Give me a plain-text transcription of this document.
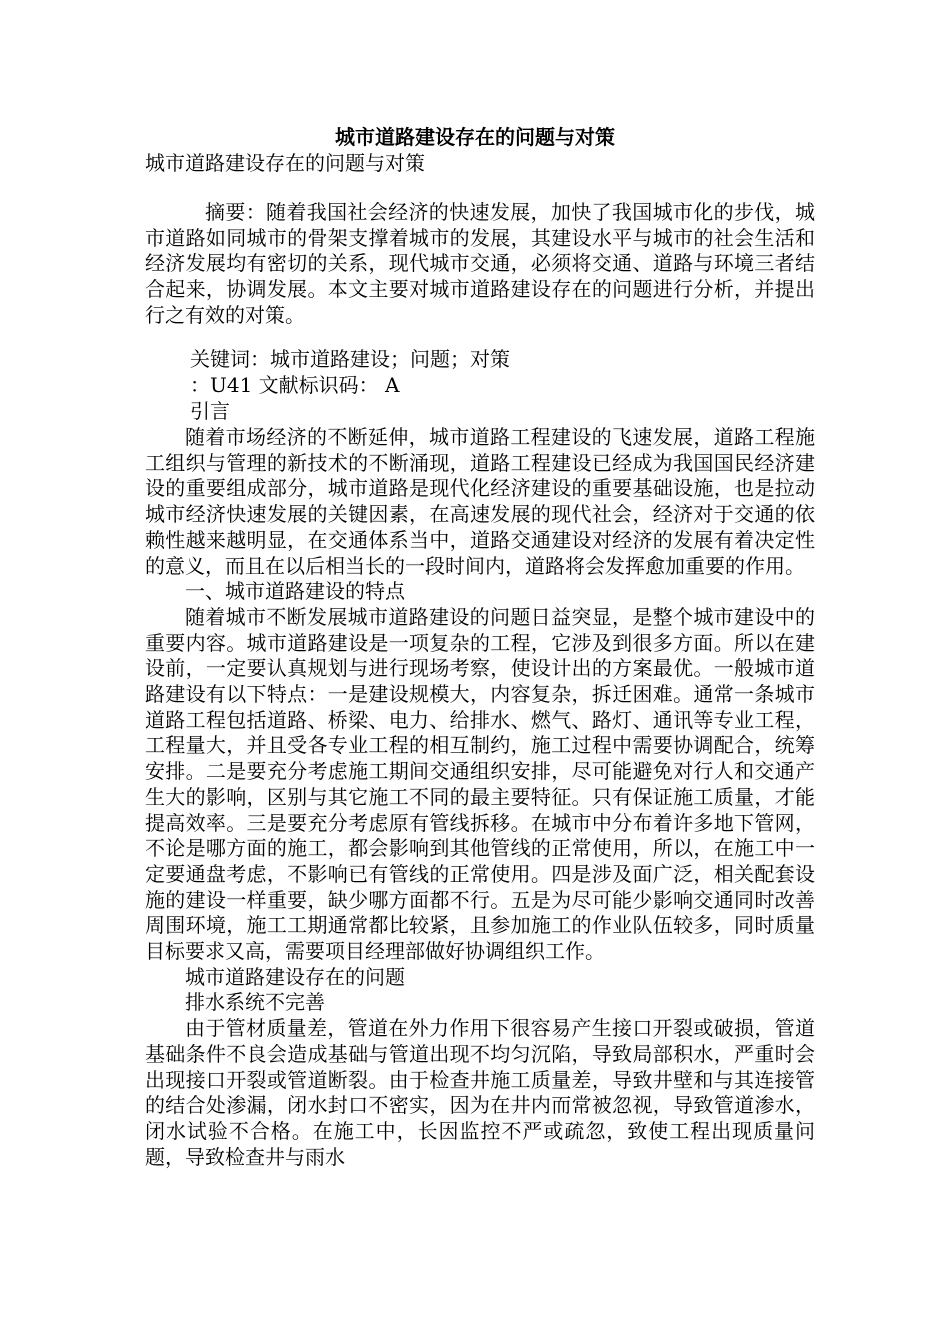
城市道路建设存在的问题与对策

城市道路建设存在的问题与对策

摘要：随着我国社会经济的快速发展，加快了我国城市化的步伐，城市道路如同城市的骨架支撑着城市的发展，其建设水平与城市的社会生活和经济发展均有密切的关系，现代城市交通，必须将交通、道路与环境三者结合起来，协调发展。本文主要对城市道路建设存在的问题进行分析，并提出行之有效的对策。

关键词：城市道路建设；问题；对策

：U41 文献标识码： A

引言

随着市场经济的不断延伸，城市道路工程建设的飞速发展，道路工程施工组织与管理的新技术的不断涌现，道路工程建设已经成为我国国民经济建设的重要组成部分，城市道路是现代化经济建设的重要基础设施，也是拉动城市经济快速发展的关键因素，在高速发展的现代社会，经济对于交通的依赖性越来越明显，在交通体系当中，道路交通建设对经济的发展有着决定性的意义，而且在以后相当长的一段时间内，道路将会发挥愈加重要的作用。

一、城市道路建设的特点

随着城市不断发展城市道路建设的问题日益突显，是整个城市建设中的重要内容。城市道路建设是一项复杂的工程，它涉及到很多方面。所以在建设前，一定要认真规划与进行现场考察，使设计出的方案最优。一般城市道路建设有以下特点：一是建设规模大，内容复杂，拆迁困难。通常一条城市道路工程包括道路、桥梁、电力、给排水、燃气、路灯、通讯等专业工程，工程量大，并且受各专业工程的相互制约，施工过程中需要协调配合，统筹安排。二是要充分考虑施工期间交通组织安排，尽可能避免对行人和交通产生大的影响，区别与其它施工不同的最主要特征。只有保证施工质量，才能提高效率。三是要充分考虑原有管线拆移。在城市中分布着许多地下管网，不论是哪方面的施工，都会影响到其他管线的正常使用，所以，在施工中一定要通盘考虑，不影响已有管线的正常使用。四是涉及面广泛，相关配套设施的建设一样重要，缺少哪方面都不行。五是为尽可能少影响交通同时改善周围环境，施工工期通常都比较紧，且参加施工的作业队伍较多，同时质量目标要求又高，需要项目经理部做好协调组织工作。

城市道路建设存在的问题

排水系统不完善

由于管材质量差，管道在外力作用下很容易产生接口开裂或破损，管道基础条件不良会造成基础与管道出现不均匀沉陷，导致局部积水，严重时会出现接口开裂或管道断裂。由于检查井施工质量差，导致井壁和与其连接管的结合处渗漏，闭水封口不密实，因为在井内而常被忽视，导致管道渗水，闭水试验不合格。在施工中，长因监控不严或疏忽，致使工程出现质量问题，导致检查井与雨水
